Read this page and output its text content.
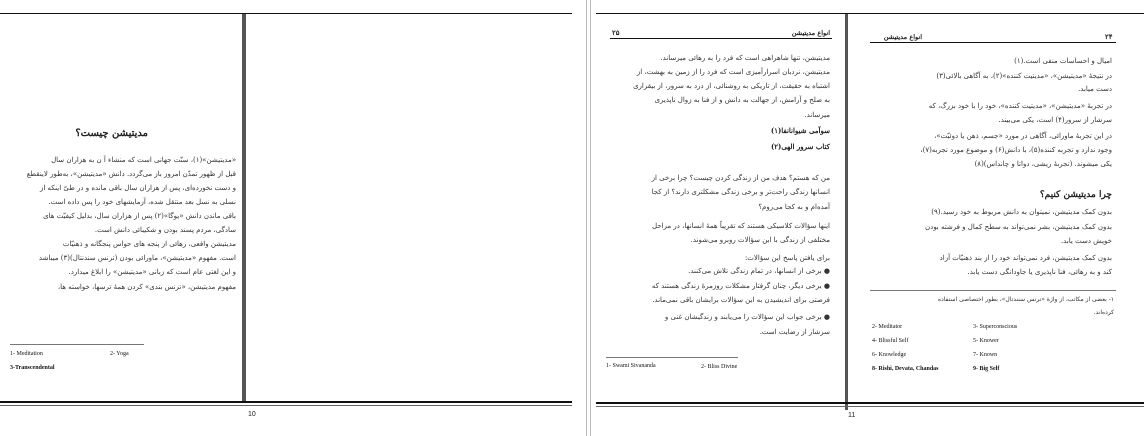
مدیتیشن چیست؟
«مدیتیشن»(۱)، سنّت جهانی است که منشاء آ ن به هزاران سال
قبل از ظهور تمدّن امروز باز می‌گردد. دانش «مدیتیشن»، به‌طور لاینقطع
و دست نخورده‌ای، پس از هزاران سال باقی مانده و در طیّ اینکه از
نسلی به نسل بعد منتقل شده، آزمایشهای خود را پس داده است.
باقی ماندن دانش «یوگا»(۲) پس از هزاران سال، بدلیل کیفیّت های
سادگی، مردم پسند بودن و شکیبائی دانش است.
مدیتیشن واقعی، رهائی از پنجه های حواس پنجگانه و ذهنیّات
است. مفهوم «مدیتیشن»، ماورائی بودن (ترنس سندنتال)(۳) میباشد
و این لغتی عام است که زبانی «مدیتیشن» را ابلاغ میدارد.
مفهوم مدیتیشن، «ترنس بندی» کردن همهٔ ترسها، خواسته ها،
1- Meditation	2- Yoga
3-Transcendental
10
انواع مدیتیشن
۲۵
مدیتیشن، تنها شاهراهی است که فرد را به رهائی میرساند.
مدیتیشن، نردبان اسرارآمیزی است که فرد را از زمین به بهشت، از
اشتباه به حقیقت، از تاریکی به روشنائی، از درد به سرور، از بیقراری
به صلح و آرامش، از جهالت به دانش و از فنا به زوال ناپذیری
میرساند.
سوآمی شیوانانفا(۱)
کتاب سرور الهی(۲)
من که هستم؟ هدف من از زندگی کردن چیست؟ چرا برخی از
انسانها زندگی راحت‌تر و برخی زندگی مشکلتری دارند؟ از کجا
آمده‌ام و به کجا می‌روم؟
اینها سؤالات کلاسیکی هستند که تقریباً همهٔ انسانها، در مراحل
مختلفی از زندگی با این سؤالات روبرو می‌شوند.
برای یافتن پاسخ این سؤالات:
● برخی از انسانها، در تمام زندگی تلاش می‌کنند.
● برخی دیگر، چنان گرفتار مشکلات روزمرهٔ زندگی هستند که
فرصتی برای اندیشیدن به این سؤالات برایشان باقی نمی‌ماند.
● برخی جواب این سؤالات را می‌یابند و زندگیشان غنی و
سرشار از رضایت است.
1- Swami Sivananda	2- Bliss Divine
انواع مدیتیشن	۲۴
امیال و احساسات منفی است.(۱)
در نتیجهٔ «مدیتیشن»، «مدیتیت کننده»(۲)، به آگاهی بالائی(۳)
دست میابد.
در تجربهٔ «مدیتیشن»، «مدیتیت کننده»، خود را با خود بزرگ، که
سرشار از سرور(۴) است، یکی می‌بیند.
در این تجربهٔ ماورائی، آگاهی در مورد «جسم، ذهن یا دوئیّت»،
وجود ندارد و تجربه کننده(۵)، با دانش(۶) و موضوع مورد تجربه(۷)،
یکی میشوند. (تجربهٔ ریشی، دواتا و چانداس)(۸)
چرا مدیتیشن کنیم؟
بدون کمک مدیتیشن، نمیتوان به دانش مربوط به خود رسید.(۹)
بدون کمک مدیتیشن، بشر نمی‌تواند به سطح کمال و فرشته بودن
خویش دست یابد.
بدون کمک مدیتیشن، فرد نمی‌تواند خود را از بند ذهنیّات آزاد
کند و به رهائی، فنا ناپذیری یا جاودانگی دست یابد.
۱- بعضی از مکاتب، از واژهٔ «ترنس سنندتال»، بطور اختصاصی استفاده
کرده‌اند.
2- Meditator	3- Superconscious
4- Blissful Self	5- Knower
6- Knowledge	7- Known
8- Rishi, Devata, Chandas	9- Big Self
11
